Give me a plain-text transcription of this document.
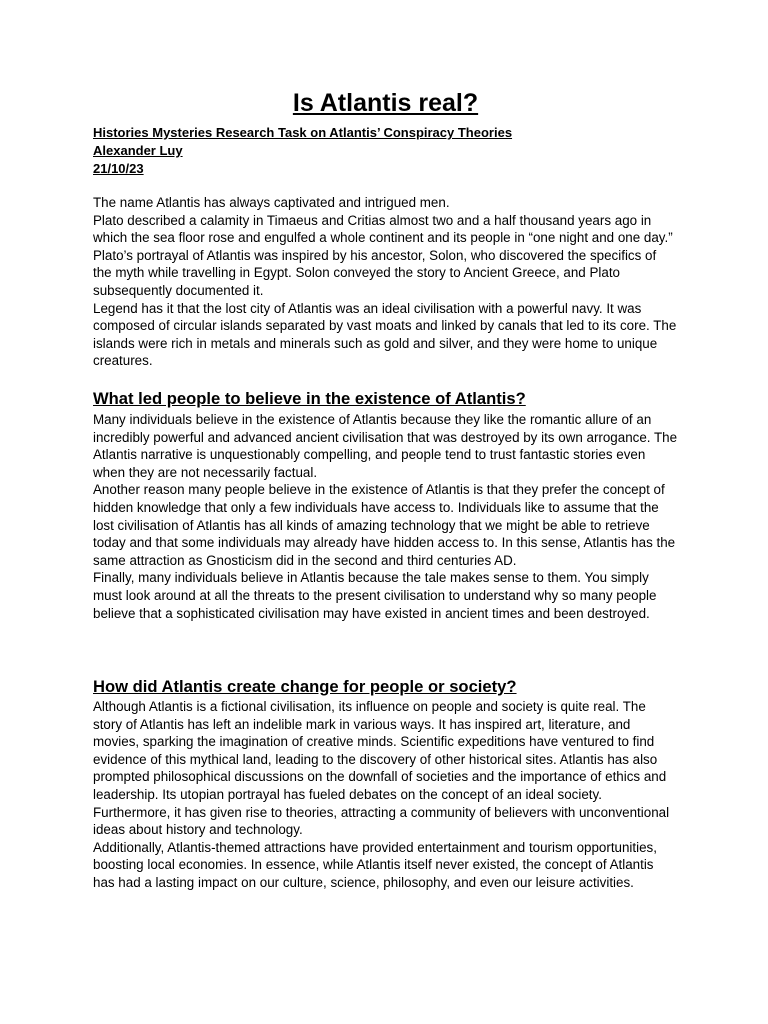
Is Atlantis real?
Histories Mysteries Research Task on Atlantis’ Conspiracy Theories
Alexander Luy
21/10/23

The name Atlantis has always captivated and intrigued men.

Plato described a calamity in Timaeus and Critias almost two and a half thousand years ago in which the sea floor rose and engulfed a whole continent and its people in “one night and one day.” Plato’s portrayal of Atlantis was inspired by his ancestor, Solon, who discovered the specifics of the myth while travelling in Egypt. Solon conveyed the story to Ancient Greece, and Plato subsequently documented it.

Legend has it that the lost city of Atlantis was an ideal civilisation with a powerful navy. It was composed of circular islands separated by vast moats and linked by canals that led to its core. The islands were rich in metals and minerals such as gold and silver, and they were home to unique creatures.

What led people to believe in the existence of Atlantis?

Many individuals believe in the existence of Atlantis because they like the romantic allure of an incredibly powerful and advanced ancient civilisation that was destroyed by its own arrogance. The Atlantis narrative is unquestionably compelling, and people tend to trust fantastic stories even when they are not necessarily factual.

Another reason many people believe in the existence of Atlantis is that they prefer the concept of hidden knowledge that only a few individuals have access to. Individuals like to assume that the lost civilisation of Atlantis has all kinds of amazing technology that we might be able to retrieve today and that some individuals may already have hidden access to. In this sense, Atlantis has the same attraction as Gnosticism did in the second and third centuries AD.

Finally, many individuals believe in Atlantis because the tale makes sense to them. You simply must look around at all the threats to the present civilisation to understand why so many people believe that a sophisticated civilisation may have existed in ancient times and been destroyed.

How did Atlantis create change for people or society?

Although Atlantis is a fictional civilisation, its influence on people and society is quite real. The story of Atlantis has left an indelible mark in various ways. It has inspired art, literature, and movies, sparking the imagination of creative minds. Scientific expeditions have ventured to find evidence of this mythical land, leading to the discovery of other historical sites. Atlantis has also prompted philosophical discussions on the downfall of societies and the importance of ethics and leadership. Its utopian portrayal has fueled debates on the concept of an ideal society. Furthermore, it has given rise to theories, attracting a community of believers with unconventional ideas about history and technology.

Additionally, Atlantis-themed attractions have provided entertainment and tourism opportunities, boosting local economies. In essence, while Atlantis itself never existed, the concept of Atlantis has had a lasting impact on our culture, science, philosophy, and even our leisure activities.
